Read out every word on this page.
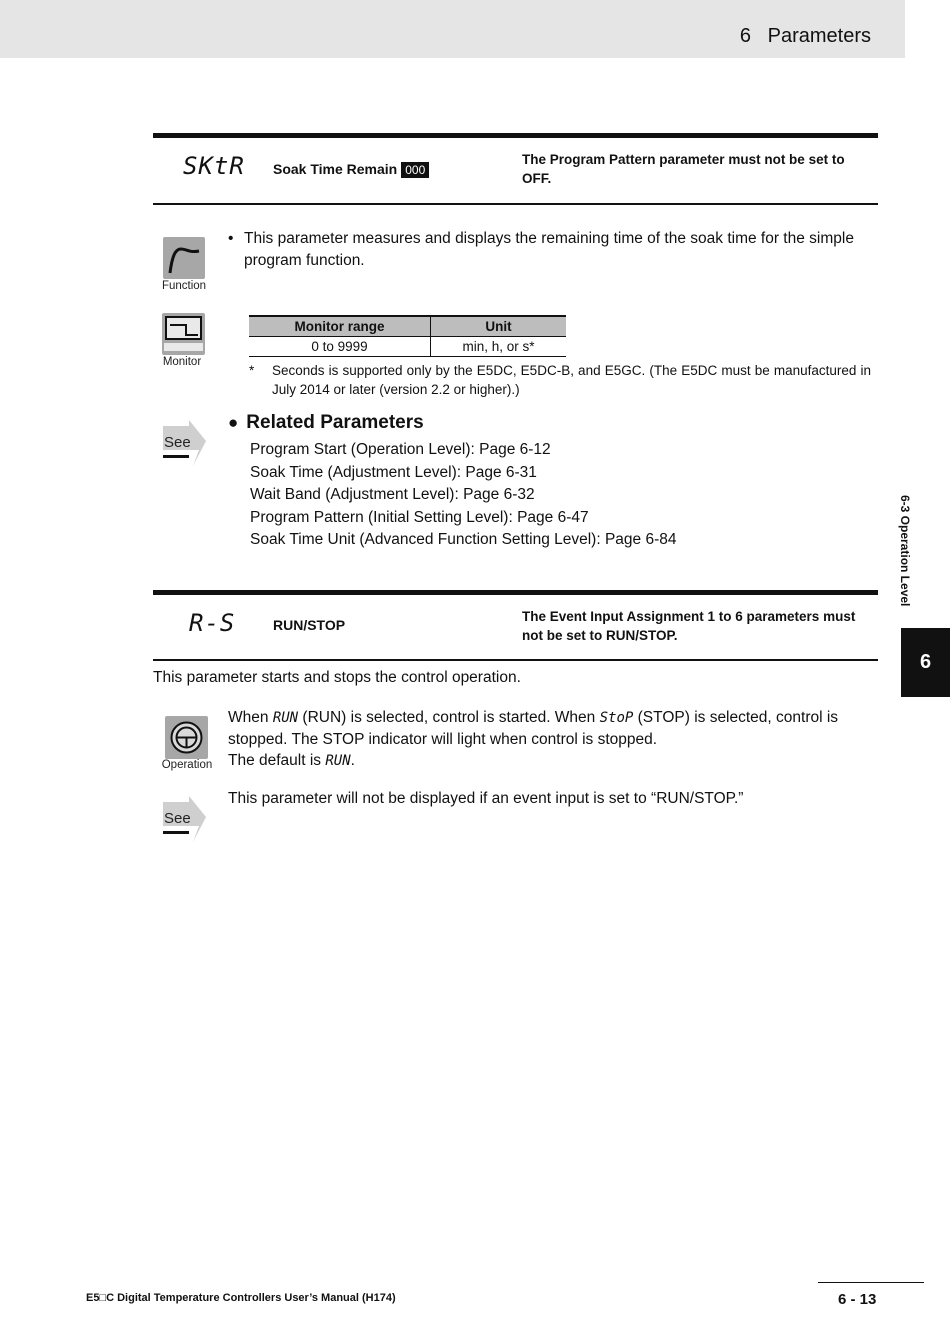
6 Parameters
SKtR Soak Time Remain 000
The Program Pattern parameter must not be set to OFF.
Function
• This parameter measures and displays the remaining time of the soak time for the simple program function.
Monitor
Monitor range	Unit
0 to 9999	min, h, or s*
*	Seconds is supported only by the E5DC, E5DC-B, and E5GC. (The E5DC must be manufactured in July 2014 or later (version 2.2 or higher).)
See
● Related Parameters
Program Start (Operation Level): Page 6-12
Soak Time (Adjustment Level): Page 6-31
Wait Band (Adjustment Level): Page 6-32
Program Pattern (Initial Setting Level): Page 6-47
Soak Time Unit (Advanced Function Setting Level): Page 6-84
R-S	RUN/STOP
The Event Input Assignment 1 to 6 parameters must not be set to RUN/STOP.
This parameter starts and stops the control operation.
Operation
When RUN (RUN) is selected, control is started. When StoP (STOP) is selected, control is stopped. The STOP indicator will light when control is stopped.
The default is RUN.
See
This parameter will not be displayed if an event input is set to “RUN/STOP.”
6-3 Operation Level
6
E5□C Digital Temperature Controllers User’s Manual (H174)	6 - 13
